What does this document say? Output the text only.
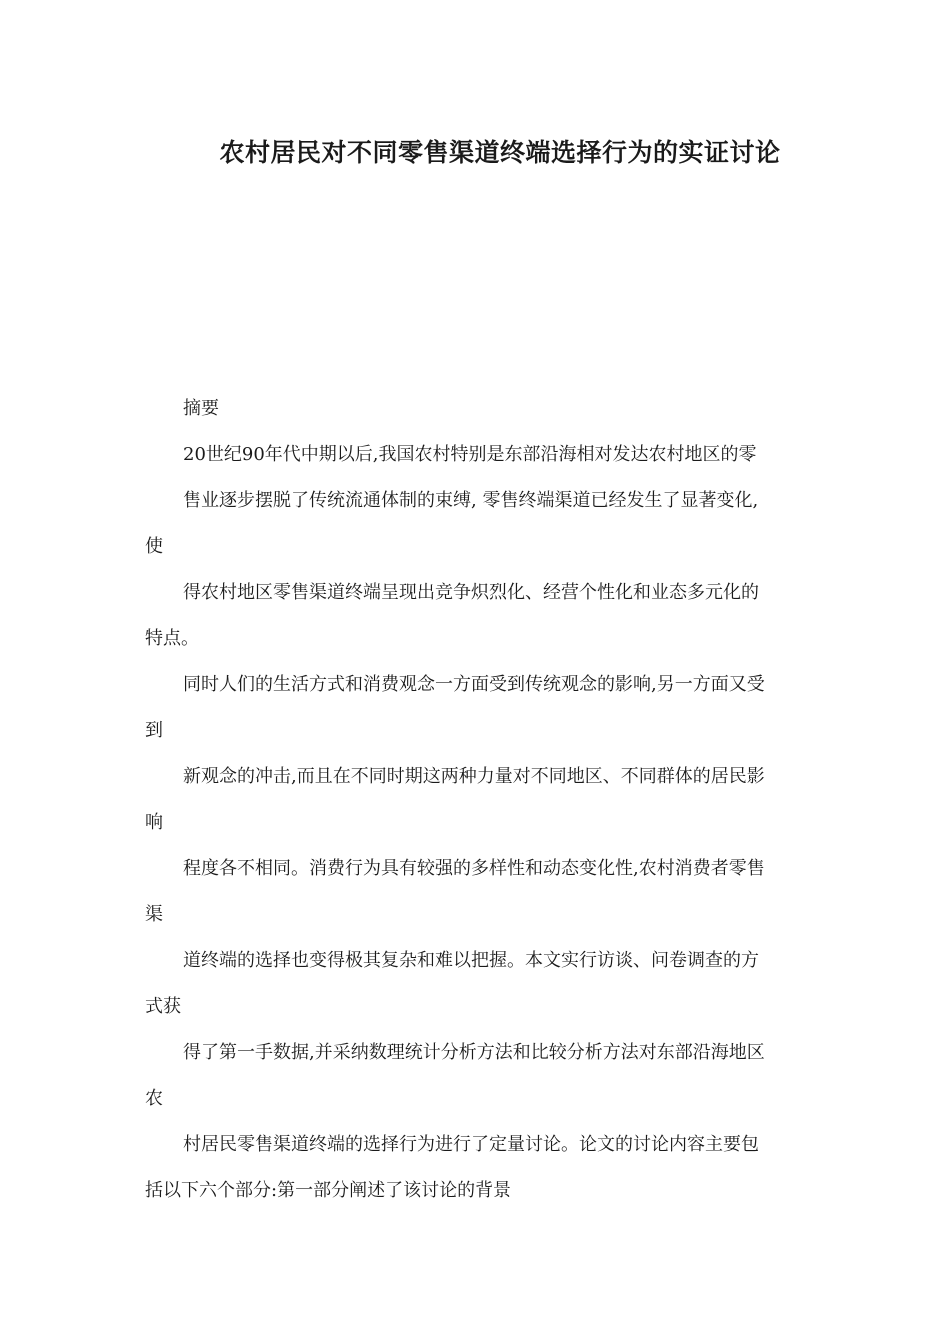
农村居民对不同零售渠道终端选择行为的实证讨论
摘要
20世纪90年代中期以后,我国农村特别是东部沿海相对发达农村地区的零
售业逐步摆脱了传统流通体制的束缚, 零售终端渠道已经发生了显著变化,
使
得农村地区零售渠道终端呈现出竞争炽烈化、经营个性化和业态多元化的
特点。
同时人们的生活方式和消费观念一方面受到传统观念的影响,另一方面又受
到
新观念的冲击,而且在不同时期这两种力量对不同地区、不同群体的居民影
响
程度各不相同。消费行为具有较强的多样性和动态变化性,农村消费者零售
渠
道终端的选择也变得极其复杂和难以把握。本文实行访谈、问卷调查的方
式获
得了第一手数据,并采纳数理统计分析方法和比较分析方法对东部沿海地区
农
村居民零售渠道终端的选择行为进行了定量讨论。论文的讨论内容主要包
括以下六个部分:第一部分阐述了该讨论的背景
